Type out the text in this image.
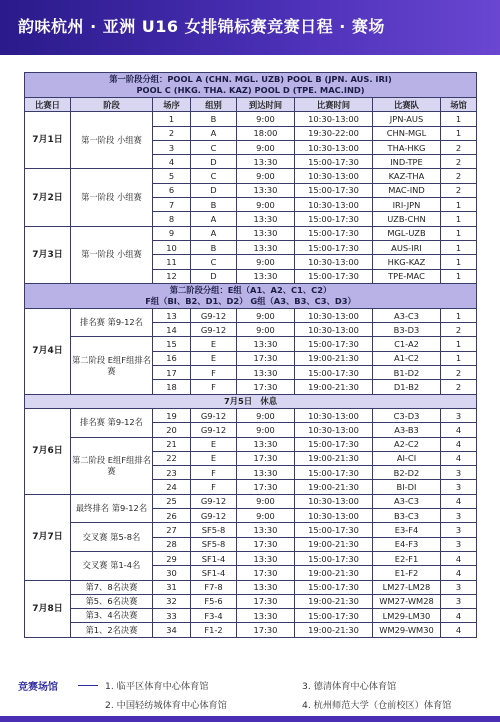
韵味杭州 · 亚洲 U16 女排锦标赛竞赛日程 · 赛场
第一阶段分组：POOL A (CHN. MGL. UZB) POOL B (JPN. AUS. IRI)
POOL C (HKG. THA. KAZ) POOL D (TPE. MAC.IND)							

比赛日	阶段	场序	组别	到达时间	比赛时间	比赛队	场馆
7月1日	第一阶段 小组赛	1	B	9:00	10:30-13:00	JPN-AUS	1
		2	A	18:00	19:30-22:00	CHN-MGL	1
		3	C	9:00	10:30-13:00	THA-HKG	2
		4	D	13:30	15:00-17:30	IND-TPE	2
7月2日	第一阶段 小组赛	5	C	9:00	10:30-13:00	KAZ-THA	2
		6	D	13:30	15:00-17:30	MAC-IND	2
		7	B	9:00	10:30-13:00	IRI-JPN	1
		8	A	13:30	15:00-17:30	UZB-CHN	1
7月3日	第一阶段 小组赛	9	A	13:30	15:00-17:30	MGL-UZB	1
		10	B	13:30	15:00-17:30	AUS-IRI	1
		11	C	9:00	10:30-13:00	HKG-KAZ	1
		12	D	13:30	15:00-17:30	TPE-MAC	1

第二阶段分组：E组（A1、A2、C1、C2）
F组（BI、B2、D1、D2） G组（A3、B3、C3、D3）							

7月4日	排名赛 第9-12名	13	G9-12	9:00	10:30-13:00	A3-C3	1
		14	G9-12	9:00	10:30-13:00	B3-D3	2
	第二阶段 E组F组排名赛	15	E	13:30	15:00-17:30	C1-A2	1
		16	E	17:30	19:00-21:30	A1-C2	1
		17	F	13:30	15:00-17:30	B1-D2	2
		18	F	17:30	19:00-21:30	D1-B2	2
7月5日　休息							
7月6日	排名赛 第9-12名	19	G9-12	9:00	10:30-13:00	C3-D3	3
		20	G9-12	9:00	10:30-13:00	A3-B3	4
	第二阶段 E组F组排名赛	21	E	13:30	15:00-17:30	A2-C2	4
		22	E	17:30	19:00-21:30	AI-CI	4
		23	F	13:30	15:00-17:30	B2-D2	3
		24	F	17:30	19:00-21:30	BI-DI	3
7月7日	最终排名 第9-12名	25	G9-12	9:00	10:30-13:00	A3-C3	4
		26	G9-12	9:00	10:30-13:00	B3-C3	3
	交叉赛 第5-8名	27	SF5-8	13:30	15:00-17:30	E3-F4	3
		28	SF5-8	17:30	19:00-21:30	E4-F3	3
	交叉赛 第1-4名	29	SF1-4	13:30	15:00-17:30	E2-F1	4
		30	SF1-4	17:30	19:00-21:30	E1-F2	4
7月8日	第7、8名决赛	31	F7-8	13:30	15:00-17:30	LM27-LM28	3
	第5、6名决赛	32	F5-6	17:30	19:00-21:30	WM27-WM28	3
	第3、4名决赛	33	F3-4	13:30	15:00-17:30	LM29-LM30	4
	第1、2名决赛	34	F1-2	17:30	19:00-21:30	WM29-WM30	4
竞赛场馆	1. 临平区体育中心体育馆
2. 中国轻纺城体育中心体育馆
3. 德清体育中心体育馆
4. 杭州师范大学（仓前校区）体育馆
